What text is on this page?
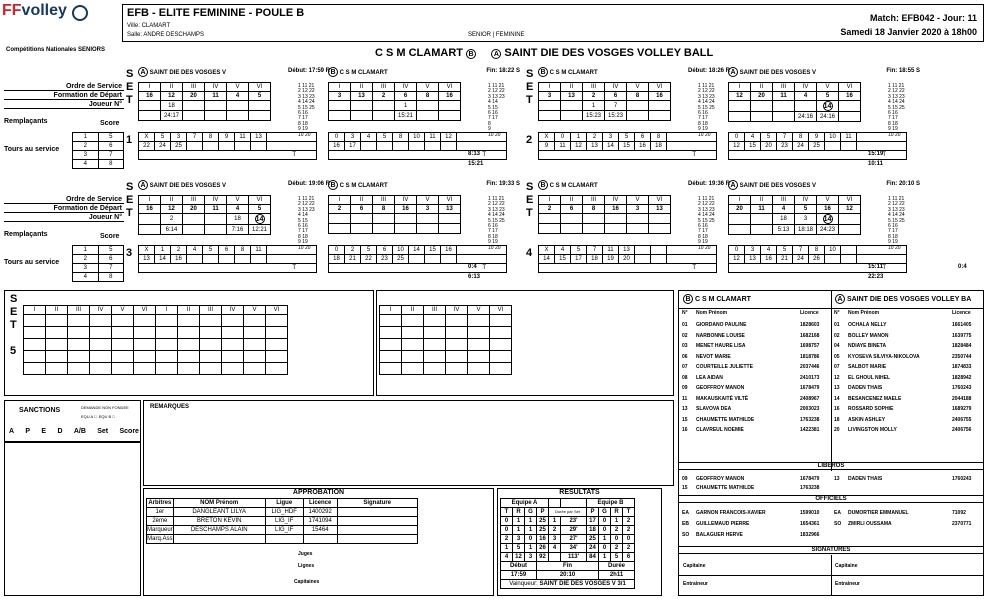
FFvolley	EFB - ELITE FEMININE - POULE B
Ville: CLAMART
Salle: ANDRE DESCHAMPS	SENIOR | FEMININE
Match: EFB042 - Jour: 11
Samedi 18 Janvier 2020 à 18h00
Compétitions Nationales SENIORS	C S M CLAMART B	A SAINT DIE DES VOSGES VOLLEY BALL
Ordre de Service
Formation de Départ
Joueur N°
Remplaçants	Score
Tours au service
1	5
2	6
3	7
4	8
S
E
T
1
A SAINT DIE DES VOSGES V	Début: 17:59 R
I	II	III	IV	V	VI
16	12	20	11	4	5
	18				
	24:17				
1 11 21
2 12 22
3 13 23
4 14 24
5 15 25
6 16
7 17
8 18
9 19
10 20
X	5	3	7	8	9	11	13	
22	24	25						
T								
B C S M CLAMART	Fin: 18:22 S
I	II	III	IV	V	VI
3	13	2	6	8	16
			1		
			15:21		
1 11 21
2 12 22
3 13 23
4 14
5 15
6 16
7 17
8
9
10 20
0	3	4	5	8	10	11	12	
16	17							
T								
8:13
15:21
S
E
T
2
B C S M CLAMART	Début: 18:26 R
I	II	III	IV	V	VI
3	13	2	6	8	16
		1	7		
		15:23	15:23		
1 11 21
2 12 22
3 13 23
4 14 24
5 15 25
6 16
7 17
8 18
9 19
10 20
X	0	1	2	3	5	6	8	
9	11	12	13	14	15	16	18	
T								
A SAINT DIE DES VOSGES V	Fin: 18:55 S
I	II	III	IV	V	VI
12	20	11	4	5	16
				14	
			24:16	24:16	
1 11 21
2 12 22
3 13 23
4 14 24
5 15 25
6 16
7 17
8 18
9 19
10 20
0	4	5	7	8	9	10	11	
12	15	20	23	24	25			
T								
15:19
10:11
Ordre de Service
Formation de Départ
Joueur N°
Remplaçants	Score
Tours au service
1	5
2	6
3	7
4	8
S
E
T
3
A SAINT DIE DES VOSGES V	Début: 19:06 R
I	II	III	IV	V	VI
16	12	20	11	4	5
	2			18	14
	6:14			7:16	12:21
1 11 21
2 12 22
3 13 23
4 14
5 15
6 16
7 17
8 18
9 19
10 20
X	1	2	4	5	6	8	11	
13	14	16						
T								
B C S M CLAMART	Fin: 19:33 S
I	II	III	IV	V	VI
2	6	8	16	3	13

1 11 21
2 12 22
3 13 23
4 14 24
5 15 25
6 16
7 17
8 18
9 19
10 20
0	2	5	6	10	14	15	16	
18	21	22	23	25				
T								
0:4
6:13
S
E
T
4
B C S M CLAMART	Début: 19:36 R
I	II	III	IV	V	VI
2	6	8	16	3	13

1 11 21
2 12 22
3 13 23
4 14 24
5 15 25
6 16
7 17
8 18
9 19
10 20
X	4	5	7	11	13			
14	15	17	18	19	20			
T								
A SAINT DIE DES VOSGES V	Fin: 20:10 S
I	II	III	IV	V	VI
20	11	4	5	16	12
		18	3	14	
		5:13	18:18	24:23	
1 11 21
2 12 22
3 13 23
4 14 24
5 15 25
6 16
7 17
8 18
9 19
10 20
0	3	4	5	7	8	10		
12	13	16	21	24	26			
T								
15:11
22:23
0:4
S
E
T

5
I	II	III	IV	V	VI	I	II	III	IV	V	VI

												I	II	III	IV	V	VI

SANCTIONS	DEMANDE NON FONDEE
EQU A □  EQU B □
A P E D A/B Set Score
REMARQUES
APPROBATION
Arbitres	NOM Prénom	Ligue	Licence	Signature
1er	DANGLEANT LILYA	LIG_HDF	1400292	
2ème	BRETON KEVIN	LIG_IF	1741094	
Marqueur	DESCHAMPS ALAIN	LIG_IF	15464	
Marq.Ass				
Juges
Lignes
Capitaines
RESULTATS
Equipe A						Equipe B			
T	R	G	P	Durée par Set		P	G	R	T
0	1	1	25	1	23'	17	0	1	2
0	1	1	25	2	29'	18	0	2	2
2	3	0	16	3	27'	25	1	0	0
1	5	1	26	4	34'	24	0	2	2
4	12	3	92		113'	84	1	5	6
Début			Fin				Durée		
17:59			20:10				2h11		
Vainqueur: SAINT DIE DES VOSGES V 3/1									
B C S M CLAMART	A SAINT DIE DES VOSGES VOLLEY BA
N°	Nom Prénom	Licence	N°	Nom Prénom	Licence
01	GIORDANO PAULINE	1828603
02	NARBONNE LOUISE	1682168
03	MENET HAURE LISA	1698757
06	NEVOT MARIE	1818786
07	COURTEILLE JULIETTE	2037446
08	LEA AIDAN	2410173
09	GEOFFROY MANON	1678479
11	MAKAUSKAITÉ VILTÉ	2408967
13	SLAVOVA DEA	2003023
15	CHAUMETTE MATHILDE	1763238
16	CLAVREUL NOEMIE	1422381
01	OCHALA NELLY	1661405
02	BOLLEY MANON	1639775
04	NDIAYE BINETA	1828484
05	KYOSEVA SILVIYA-NIKOLOVA	2350744
07	SALBOT MARIE	1874833
12	EL GHOUL NIHEL	1828942
13	DADEN THAIS	1760243
14	BESANCENEZ MAELE	2044188
16	ROSSARD SOPHIE	1689279
18	ASKIN ASHLEY	2406755
20	LIVINGSTON MOLLY	2406756
LIBEROS
09	GEOFFROY MANON	1678479
15	CHAUMETTE MATHILDE	1763238
13	DADEN THAIS	1760243
OFFICIELS
EA	GARNON FRANCOIS-XAVIER	1599010
EB	GUILLEMAUD PIERRE	1654361
SO	BALAGUER HERVE	1832966
EA	DUMORTIER EMMANUEL	71092
SO	ZMIRLI OUSSAMA	2370771
SIGNATURES
Capitaine	Capitaine
Entraineur	Entraineur
